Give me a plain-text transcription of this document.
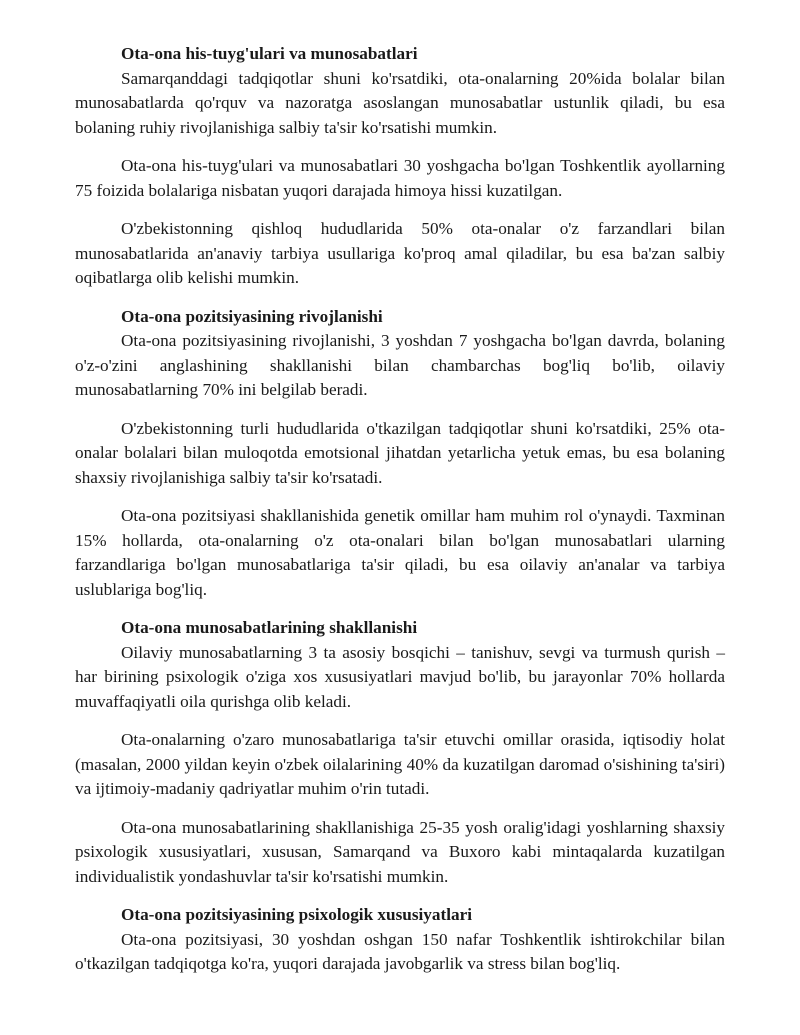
Ota-ona his-tuyg'ulari va munosabatlari

Samarqanddagi tadqiqotlar shuni ko'rsatdiki, ota-onalarning 20%ida bolalar bilan munosabatlarda qo'rquv va nazoratga asoslangan munosabatlar ustunlik qiladi, bu esa bolaning ruhiy rivojlanishiga salbiy ta'sir ko'rsatishi mumkin.

Ota-ona his-tuyg'ulari va munosabatlari 30 yoshgacha bo'lgan Toshkentlik ayollarning 75 foizida bolalariga nisbatan yuqori darajada himoya hissi kuzatilgan.

O'zbekistonning qishloq hududlarida 50% ota-onalar o'z farzandlari bilan munosabatlarida an'anaviy tarbiya usullariga ko'proq amal qiladilar, bu esa ba'zan salbiy oqibatlarga olib kelishi mumkin.

Ota-ona pozitsiyasining rivojlanishi

Ota-ona pozitsiyasining rivojlanishi, 3 yoshdan 7 yoshgacha bo'lgan davrda, bolaning o'z-o'zini anglashining shakllanishi bilan chambarchas bog'liq bo'lib, oilaviy munosabatlarning 70% ini belgilab beradi.

O'zbekistonning turli hududlarida o'tkazilgan tadqiqotlar shuni ko'rsatdiki, 25% ota-onalar bolalari bilan muloqotda emotsional jihatdan yetarlicha yetuk emas, bu esa bolaning shaxsiy rivojlanishiga salbiy ta'sir ko'rsatadi.

Ota-ona pozitsiyasi shakllanishida genetik omillar ham muhim rol o'ynaydi. Taxminan 15% hollarda, ota-onalarning o'z ota-onalari bilan bo'lgan munosabatlari ularning farzandlariga bo'lgan munosabatlariga ta'sir qiladi, bu esa oilaviy an'analar va tarbiya uslublariga bog'liq.

Ota-ona munosabatlarining shakllanishi

Oilaviy munosabatlarning 3 ta asosiy bosqichi – tanishuv, sevgi va turmush qurish – har birining psixologik o'ziga xos xususiyatlari mavjud bo'lib, bu jarayonlar 70% hollarda muvaffaqiyatli oila qurishga olib keladi.

Ota-onalarning o'zaro munosabatlariga ta'sir etuvchi omillar orasida, iqtisodiy holat (masalan, 2000 yildan keyin o'zbek oilalarining 40% da kuzatilgan daromad o'sishining ta'siri) va ijtimoiy-madaniy qadriyatlar muhim o'rin tutadi.

Ota-ona munosabatlarining shakllanishiga 25-35 yosh oralig'idagi yoshlarning shaxsiy psixologik xususiyatlari, xususan, Samarqand va Buxoro kabi mintaqalarda kuzatilgan individualistik yondashuvlar ta'sir ko'rsatishi mumkin.

Ota-ona pozitsiyasining psixologik xususiyatlari

Ota-ona pozitsiyasi, 30 yoshdan oshgan 150 nafar Toshkentlik ishtirokchilar bilan o'tkazilgan tadqiqotga ko'ra, yuqori darajada javobgarlik va stress bilan bog'liq.
